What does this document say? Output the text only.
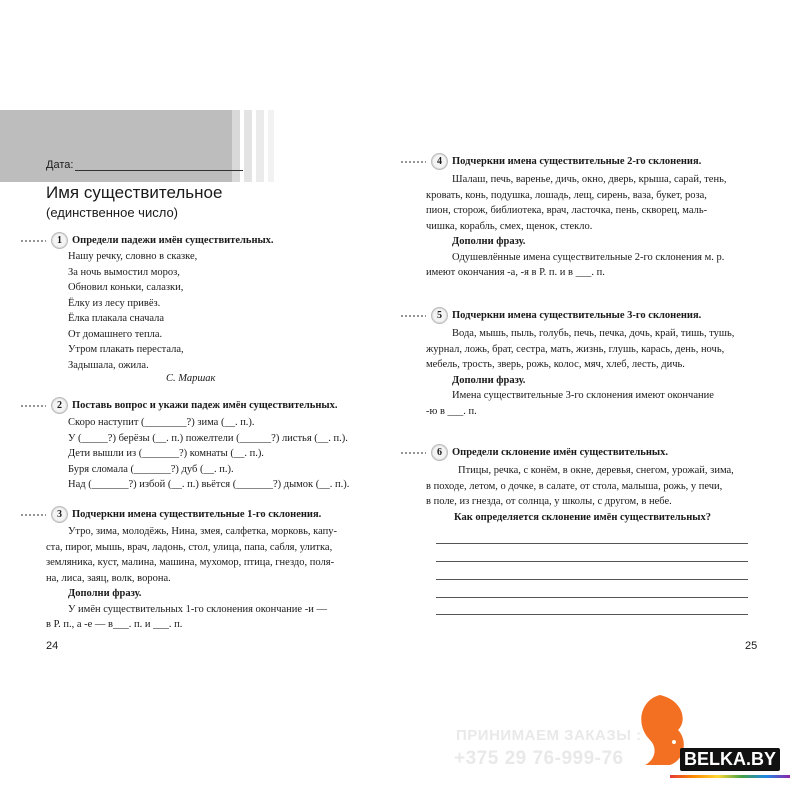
Дата:
Имя существительное
(единственное число)
1 Определи падежи имён существительных.
Нашу речку, словно в сказке,
За ночь вымостил мороз,
Обновил коньки, салазки,
Ёлку из лесу привёз.
Ёлка плакала сначала
От домашнего тепла.
Утром плакать перестала,
Задышала, ожила.
С. Маршак
2 Поставь вопрос и укажи падеж имён существительных.
Скоро наступит (________?) зима (__. п.).
У (_____?) берёзы (__. п.) пожелтели (______?) листья (__. п.).
Дети вышли из (_______?) комнаты (__. п.).
Буря сломала (_______?) дуб (__. п.).
Над (_______?) избой (__. п.) вьётся (_______?) дымок (__. п.).
3 Подчеркни имена существительные 1-го склонения.
Утро, зима, молодёжь, Нина, змея, салфетка, морковь, капу-
ста, пирог, мышь, врач, ладонь, стол, улица, папа, сабля, улитка,
земляника, куст, малина, машина, мухомор, птица, гнездо, поля-
на, лиса, заяц, волк, ворона.
Дополни фразу.
У имён существительных 1-го склонения окончание -и —
в Р. п., а -е — в___. п. и ___. п.
24
4 Подчеркни имена существительные 2-го склонения.
Шалаш, печь, варенье, дичь, окно, дверь, крыша, сарай, тень,
кровать, конь, подушка, лошадь, лещ, сирень, ваза, букет, роза,
пион, сторож, библиотека, врач, ласточка, пень, скворец, маль-
чишка, корабль, смех, щенок, стекло.
Дополни фразу.
Одушевлённые имена существительные 2-го склонения м. р.
имеют окончания -а, -я в Р. п. и в ___. п.
5 Подчеркни имена существительные 3-го склонения.
Вода, мышь, пыль, голубь, печь, печка, дочь, край, тишь, тушь,
журнал, ложь, брат, сестра, мать, жизнь, глушь, карась, день, ночь,
мебель, трость, зверь, рожь, колос, мяч, хлеб, лесть, дичь.
Дополни фразу.
Имена существительные 3-го склонения имеют окончание
-ю в ___. п.
6 Определи склонение имён существительных.
Птицы, речка, с конём, в окне, деревья, снегом, урожай, зима,
в походе, летом, о дочке, в салате, от стола, малыша, рожь, у печи,
в поле, из гнезда, от солнца, у школы, с другом, в небе.
Как определяется склонение имён существительных?
25
ПРИНИМАЕМ ЗАКАЗЫ :
+375 29 76-999-76	BELKA.BY
